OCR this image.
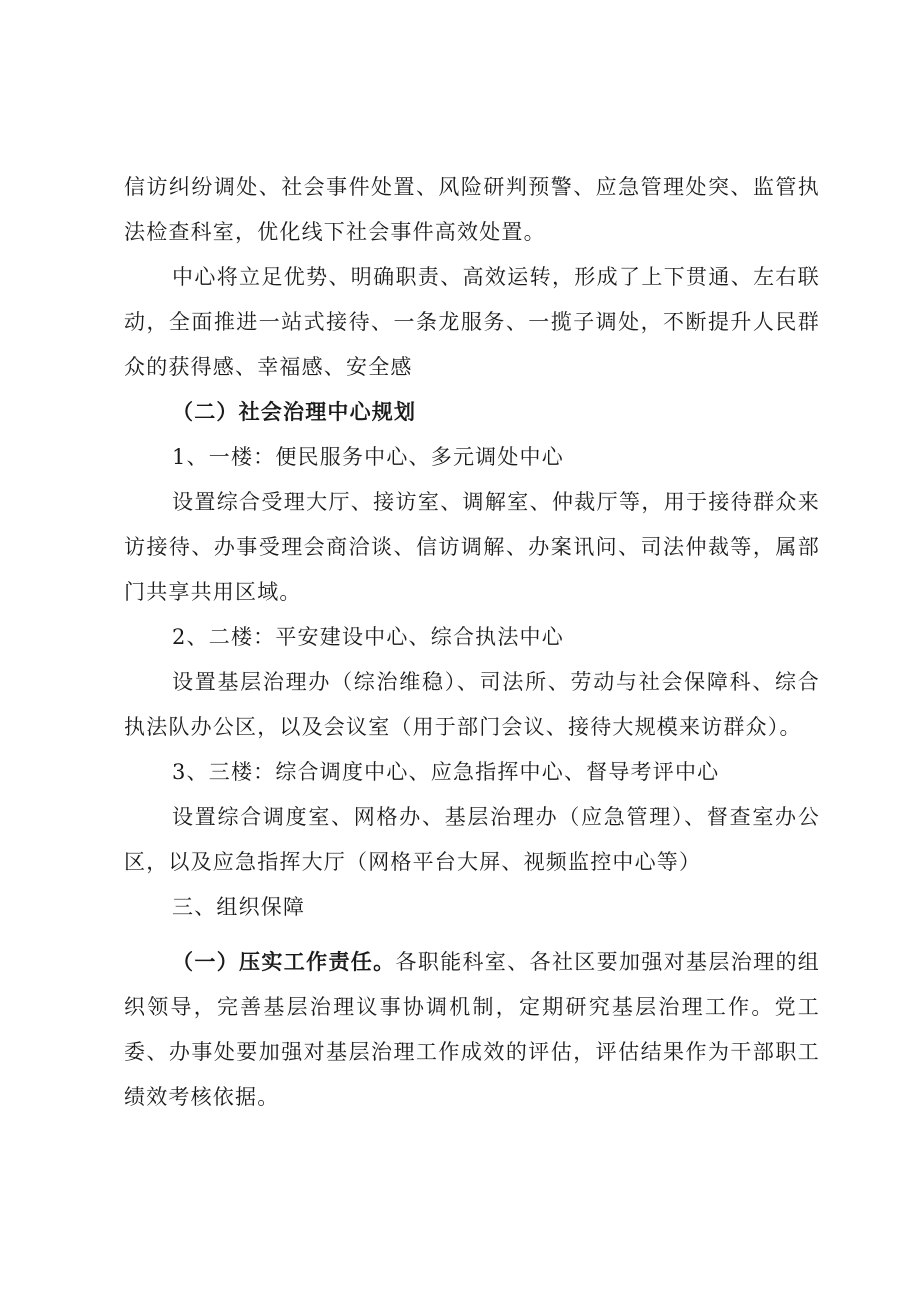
信访纠纷调处、社会事件处置、风险研判预警、应急管理处突、监管执法检查科室，优化线下社会事件高效处置。

中心将立足优势、明确职责、高效运转，形成了上下贯通、左右联动，全面推进一站式接待、一条龙服务、一揽子调处，不断提升人民群众的获得感、幸福感、安全感

（二）社会治理中心规划

1、一楼：便民服务中心、多元调处中心

设置综合受理大厅、接访室、调解室、仲裁厅等，用于接待群众来访接待、办事受理会商洽谈、信访调解、办案讯问、司法仲裁等，属部门共享共用区域。

2、二楼：平安建设中心、综合执法中心

设置基层治理办（综治维稳）、司法所、劳动与社会保障科、综合执法队办公区，以及会议室（用于部门会议、接待大规模来访群众）。

3、三楼：综合调度中心、应急指挥中心、督导考评中心

设置综合调度室、网格办、基层治理办（应急管理）、督查室办公区，以及应急指挥大厅（网格平台大屏、视频监控中心等）

三、组织保障

（一）压实工作责任。各职能科室、各社区要加强对基层治理的组织领导，完善基层治理议事协调机制，定期研究基层治理工作。党工委、办事处要加强对基层治理工作成效的评估，评估结果作为干部职工绩效考核依据。
